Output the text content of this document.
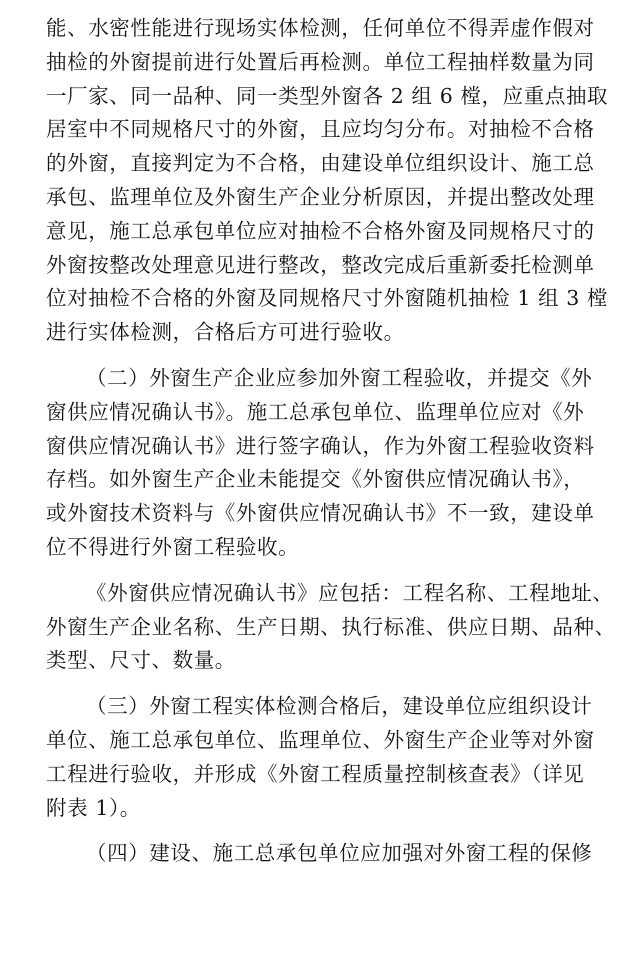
能、水密性能进行现场实体检测，任何单位不得弄虚作假对
抽检的外窗提前进行处置后再检测。单位工程抽样数量为同
一厂家、同一品种、同一类型外窗各 2 组 6 樘，应重点抽取
居室中不同规格尺寸的外窗，且应均匀分布。对抽检不合格
的外窗，直接判定为不合格，由建设单位组织设计、施工总
承包、监理单位及外窗生产企业分析原因，并提出整改处理
意见，施工总承包单位应对抽检不合格外窗及同规格尺寸的
外窗按整改处理意见进行整改，整改完成后重新委托检测单
位对抽检不合格的外窗及同规格尺寸外窗随机抽检 1 组 3 樘
进行实体检测，合格后方可进行验收。
（二）外窗生产企业应参加外窗工程验收，并提交《外
窗供应情况确认书》。施工总承包单位、监理单位应对《外
窗供应情况确认书》进行签字确认，作为外窗工程验收资料
存档。如外窗生产企业未能提交《外窗供应情况确认书》，
或外窗技术资料与《外窗供应情况确认书》不一致，建设单
位不得进行外窗工程验收。
《外窗供应情况确认书》应包括：工程名称、工程地址、
外窗生产企业名称、生产日期、执行标准、供应日期、品种、
类型、尺寸、数量。
（三）外窗工程实体检测合格后，建设单位应组织设计
单位、施工总承包单位、监理单位、外窗生产企业等对外窗
工程进行验收，并形成《外窗工程质量控制核查表》（详见
附表 1）。
（四）建设、施工总承包单位应加强对外窗工程的保修
